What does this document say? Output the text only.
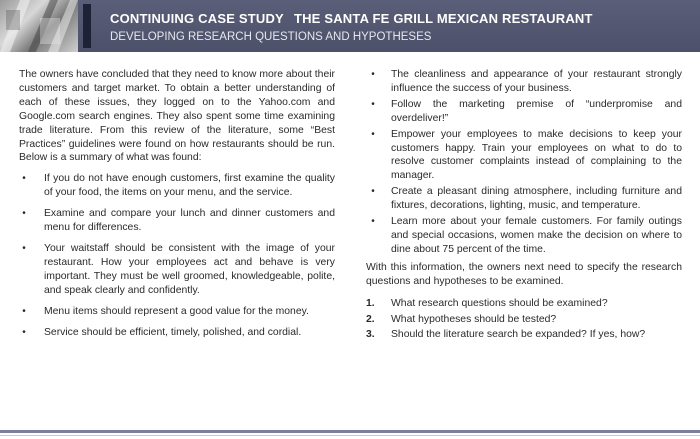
CONTINUING CASE STUDY THE SANTA FE GRILL MEXICAN RESTAURANT
DEVELOPING RESEARCH QUESTIONS AND HYPOTHESES

The owners have concluded that they need to know more about their customers and target market. To obtain a better understanding of each of these issues, they logged on to the Yahoo.com and Google.com search engines. They also spent some time examining trade literature. From this review of the literature, some “Best Practices” guidelines were found on how restaurants should be run. Below is a summary of what was found:

•	If you do not have enough customers, first examine the quality of your food, the items on your menu, and the service.
•	Examine and compare your lunch and dinner customers and menu for differences.
•	Your waitstaff should be consistent with the image of your restaurant. How your employees act and behave is very important. They must be well groomed, knowledgeable, polite, and speak clearly and confidently.
•	Menu items should represent a good value for the money.
•	Service should be efficient, timely, polished, and cordial.
•	The cleanliness and appearance of your restaurant strongly influence the success of your business.
•	Follow the marketing premise of “underpromise and overdeliver!”
•	Empower your employees to make decisions to keep your customers happy. Train your employees on what to do to resolve customer complaints instead of complaining to the manager.
•	Create a pleasant dining atmosphere, including furniture and fixtures, decorations, lighting, music, and temperature.
•	Learn more about your female customers. For family outings and special occasions, women make the decision on where to dine about 75 percent of the time.

With this information, the owners next need to specify the research questions and hypotheses to be examined.

1. What research questions should be examined?
2. What hypotheses should be tested?
3. Should the literature search be expanded? If yes, how?
